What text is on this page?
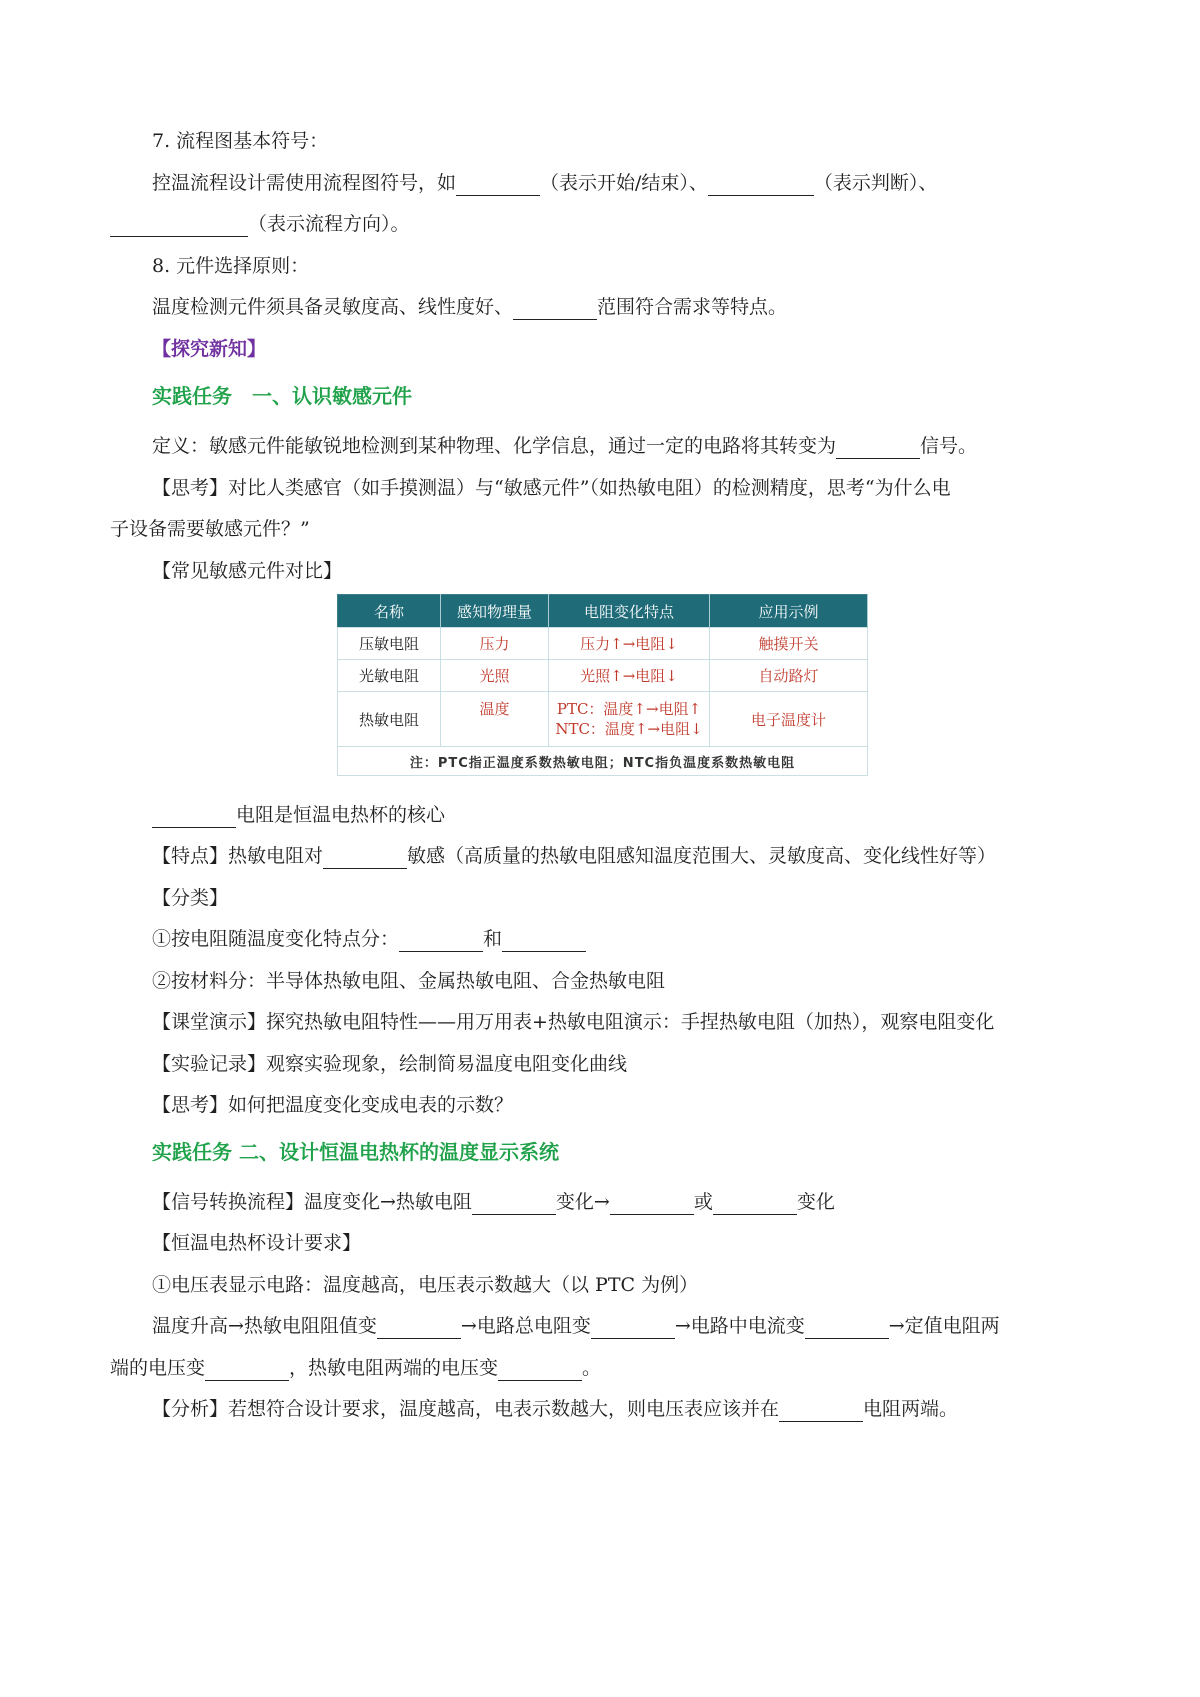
7. 流程图基本符号：
控温流程设计需使用流程图符号，如	（表示开始/结束）、	（表示判断）、
（表示流程方向）。
8. 元件选择原则：
温度检测元件须具备灵敏度高、线性度好、	范围符合需求等特点。
【探究新知】
实践任务　一、认识敏感元件
定义：敏感元件能敏锐地检测到某种物理、化学信息，通过一定的电路将其转变为	信号。
【思考】对比人类感官（如手摸测温）与“敏感元件”（如热敏电阻）的检测精度，思考“为什么电
子设备需要敏感元件？”
【常见敏感元件对比】
名称	感知物理量	电阻变化特点	应用示例
压敏电阻	压力	压力↑→电阻↓	触摸开关
光敏电阻	光照	光照↑→电阻↓	自动路灯
热敏电阻	温度	PTC：温度↑→电阻↑
NTC：温度↑→电阻↓	电子温度计
注：PTC指正温度系数热敏电阻；NTC指负温度系数热敏电阻			
电阻是恒温电热杯的核心
【特点】热敏电阻对	敏感（高质量的热敏电阻感知温度范围大、灵敏度高、变化线性好等）
【分类】
①按电阻随温度变化特点分：	和
②按材料分：半导体热敏电阻、金属热敏电阻、合金热敏电阻
【课堂演示】探究热敏电阻特性——用万用表+热敏电阻演示：手捏热敏电阻（加热），观察电阻变化
【实验记录】观察实验现象，绘制简易温度电阻变化曲线
【思考】如何把温度变化变成电表的示数？
实践任务 二、设计恒温电热杯的温度显示系统
【信号转换流程】温度变化→热敏电阻	变化→	或	变化
【恒温电热杯设计要求】
①电压表显示电路：温度越高，电压表示数越大（以 PTC 为例）
温度升高→热敏电阻阻值变	→电路总电阻变	→电路中电流变	→定值电阻两
端的电压变	，热敏电阻两端的电压变	。
【分析】若想符合设计要求，温度越高，电表示数越大，则电压表应该并在	电阻两端。
